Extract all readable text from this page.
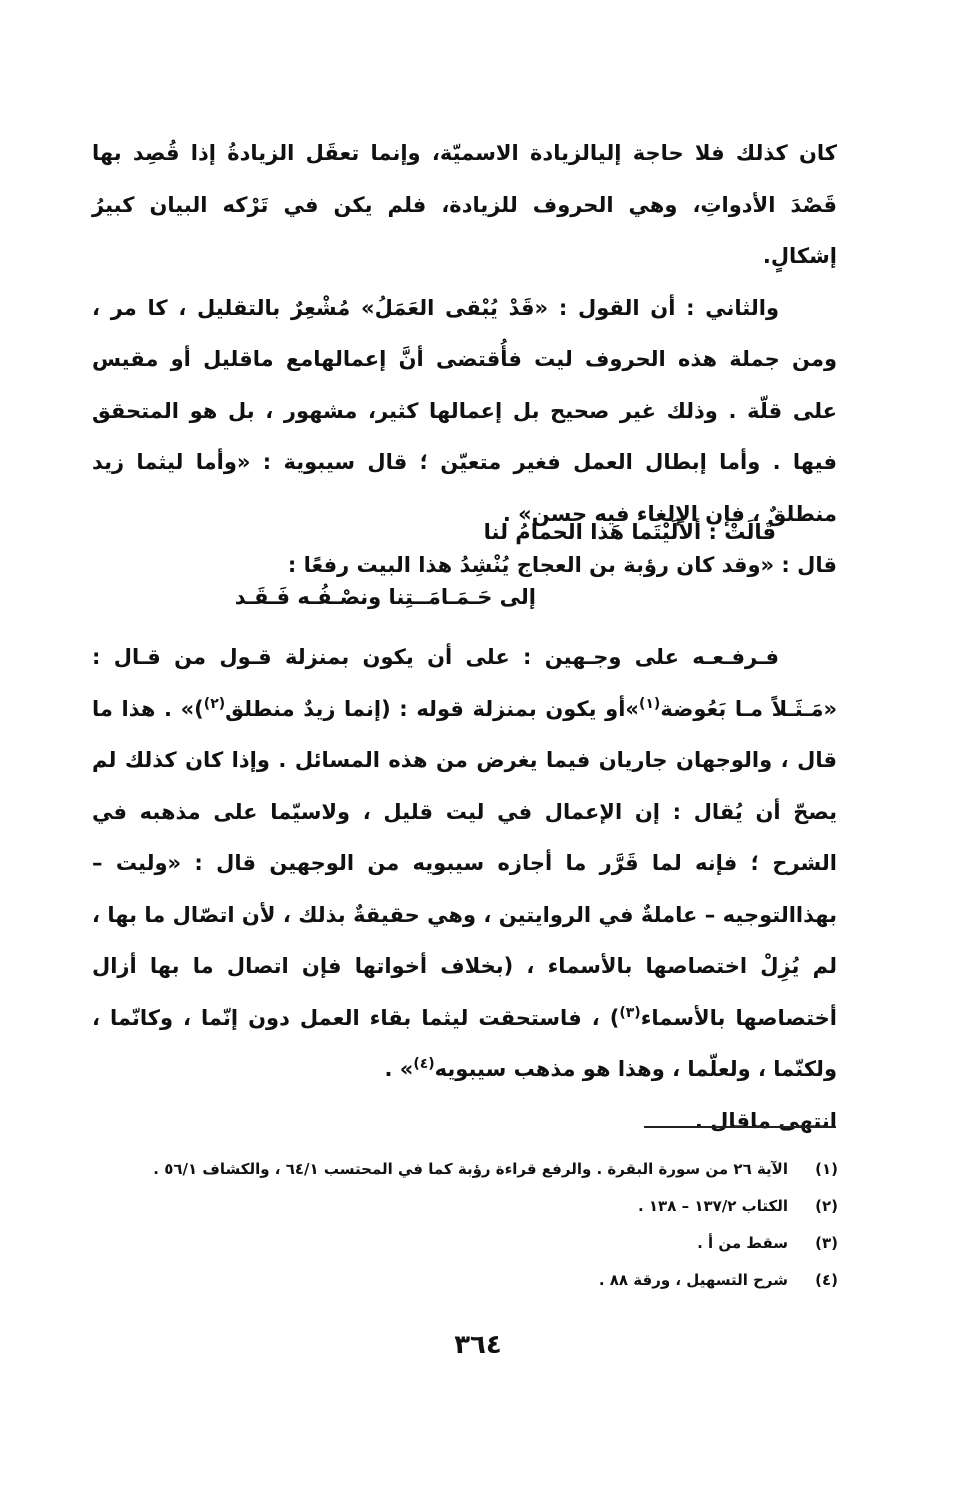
كان كذلك فلا حاجة إليالزيادة الاسميّة، وإنما تعقَل الزيادةُ إذا قُصِد بها قَصْدَ الأدواتِ، وهي الحروف للزيادة، فلم يكن في تَرْكه البيان كبيرُ إشكالٍ.

والثاني : أن القول : «قَدْ يُبْقى العَمَلُ» مُشْعِرٌ بالتقليل ، كا مر ، ومن جملة هذه الحروف ليت فأُقتضى أنَّ إعمالهامع ماقليل أو مقيس على قلّة . وذلك غير صحيح بل إعمالها كثير، مشهور ، بل هو المتحقق فيها . وأما إبطال العمل فغير متعيّن ؛ قال سيبوية : «وأما ليثما زيد منطلقٌ ، فإن الإلغاء فيه حسن» .

قال : «وقد كان رؤبة بن العجاج يُنْشِدُ هذا البيت رفعًا :

قَالَتْ : ألاَلَيْتَما هَذا الحمامُ لنا
إلى حَـمَـامَــتِنا ونصْـفُـه فَـقَـد

فـرفـعـه على وجـهين : على أن يكون بمنزلة قـول من قـال : «مَـثَـلاً مـا بَعُوضة$^{(١)}$»أو يكون بمنزلة قوله : (إنما زيدٌ منطلق$^{(٢)}$)» . هذا ما قال ، والوجهان جاريان فيما يغرض من هذه المسائل . وإذا كان كذلك لم يصحّ أن يُقال : إن الإعمال في ليت قليل ، ولاسيّما على مذهبه في الشرح ؛ فإنه لما قَرَّر ما أجازه سيبويه من الوجهين قال : «وليت – بهذاالتوجيه – عاملةٌ في الروايتين ، وهي حقيقةٌ بذلك ، لأن اتصّال ما بها ، لم يُزِلْ اختصاصها بالأسماء ، (بخلاف أخواتها فإن اتصال ما بها أزال أختصاصها بالأسماء$^{(٣)}$) ، فاستحقت ليثما بقاء العمل دون إنّما ، وكانّما ، ولكنّما ، ولعلّما ، وهذا هو مذهب سيبويه$^{(٤)}$» .

انتهى ماقال .

(١)
الآية ٢٦ من سورة البقرة . والرفع قراءة رؤبة كما في المحتسب ٦٤/١ ، والكشاف ٥٦/١ .
(٢)
الكتاب ١٣٧/٢ – ١٣٨ .
(٣)
سقط من أ .
(٤)
شرح التسهيل ، ورقة ٨٨ .
٣٦٤
